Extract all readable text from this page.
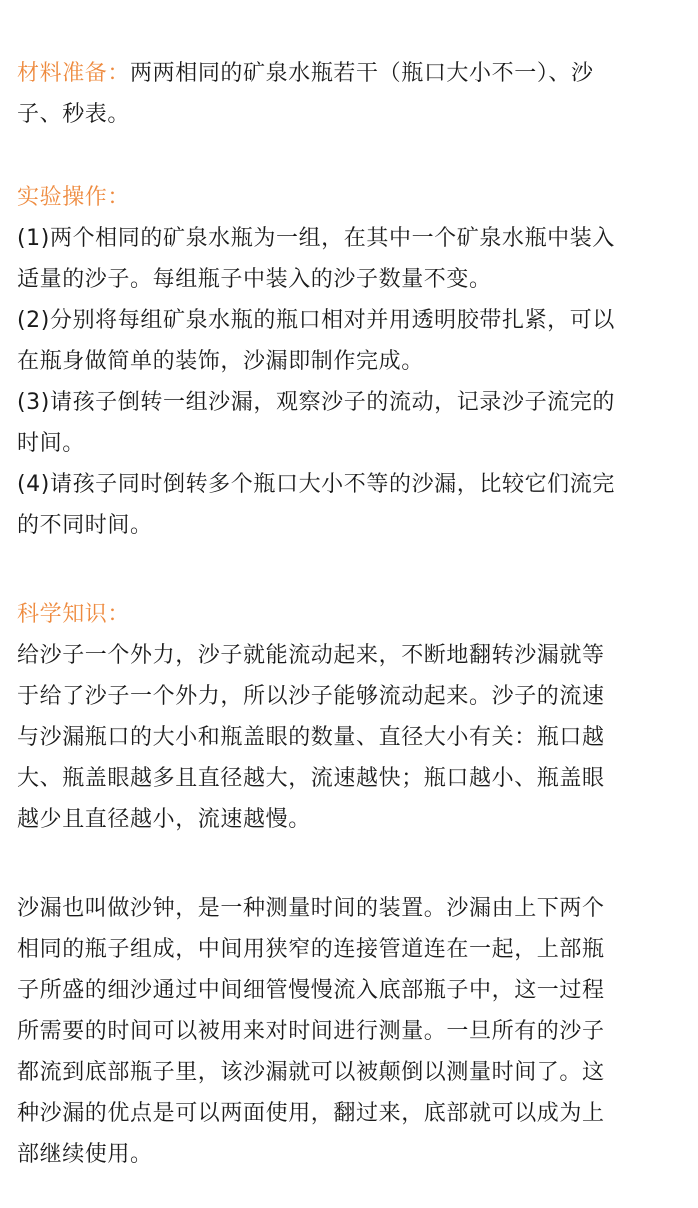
材料准备：两两相同的矿泉水瓶若干（瓶口大小不一）、沙
子、秒表。
实验操作：
(1)两个相同的矿泉水瓶为一组，在其中一个矿泉水瓶中装入
适量的沙子。每组瓶子中装入的沙子数量不变。
(2)分别将每组矿泉水瓶的瓶口相对并用透明胶带扎紧，可以
在瓶身做简单的装饰，沙漏即制作完成。
(3)请孩子倒转一组沙漏，观察沙子的流动，记录沙子流完的
时间。
(4)请孩子同时倒转多个瓶口大小不等的沙漏，比较它们流完
的不同时间。
科学知识：
给沙子一个外力，沙子就能流动起来，不断地翻转沙漏就等
于给了沙子一个外力，所以沙子能够流动起来。沙子的流速
与沙漏瓶口的大小和瓶盖眼的数量、直径大小有关：瓶口越
大、瓶盖眼越多且直径越大，流速越快；瓶口越小、瓶盖眼
越少且直径越小，流速越慢。
沙漏也叫做沙钟，是一种测量时间的装置。沙漏由上下两个
相同的瓶子组成，中间用狭窄的连接管道连在一起，上部瓶
子所盛的细沙通过中间细管慢慢流入底部瓶子中，这一过程
所需要的时间可以被用来对时间进行测量。一旦所有的沙子
都流到底部瓶子里，该沙漏就可以被颠倒以测量时间了。这
种沙漏的优点是可以两面使用，翻过来，底部就可以成为上
部继续使用。
